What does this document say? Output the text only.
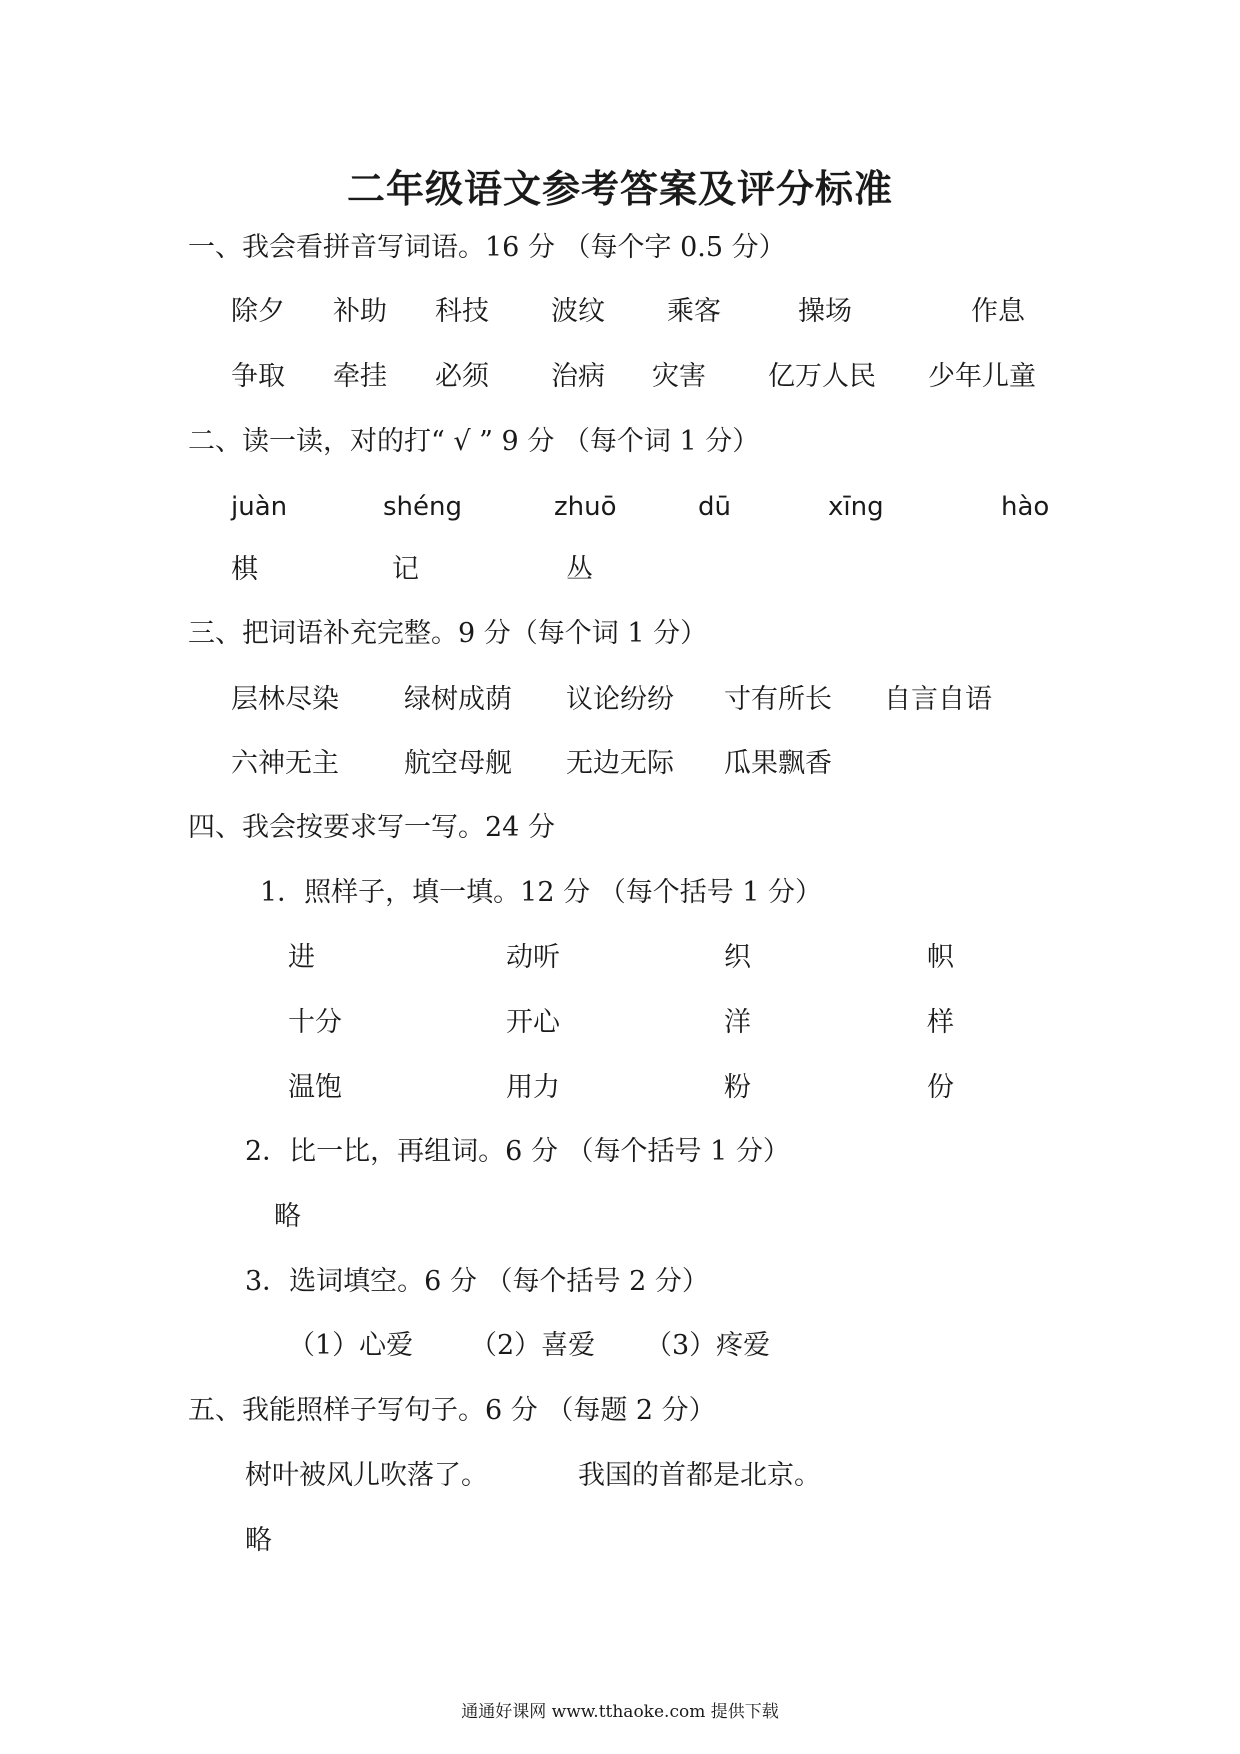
二年级语文参考答案及评分标准
一、我会看拼音写词语。16 分 （每个字 0.5 分）
除夕 补助 科技 波纹 乘客	操场	作息
争取 牵挂 必须 治病 灾害 亿万人民 少年儿童
二、读一读，对的打“ √ ” 9 分 （每个词 1 分）
juàn	shéng	zhuō	dū	xīng	hào
棋	记	丛
三、把词语补充完整。9 分（每个词 1 分）
层林尽染 绿树成荫 议论纷纷 寸有所长 自言自语
六神无主 航空母舰 无边无际 瓜果飘香
四、我会按要求写一写。24 分
1．照样子，填一填。12 分 （每个括号 1 分）
进	动听	织	帜
十分	开心	洋	样
温饱	用力	粉	份
2．比一比，再组词。6 分 （每个括号 1 分）
略
3．选词填空。6 分 （每个括号 2 分）
（1）心爱 （2）喜爱 （3）疼爱
五、我能照样子写句子。6 分 （每题 2 分）
树叶被风儿吹落了。	我国的首都是北京。
略
通通好课网 www.tthaoke.com 提供下载
